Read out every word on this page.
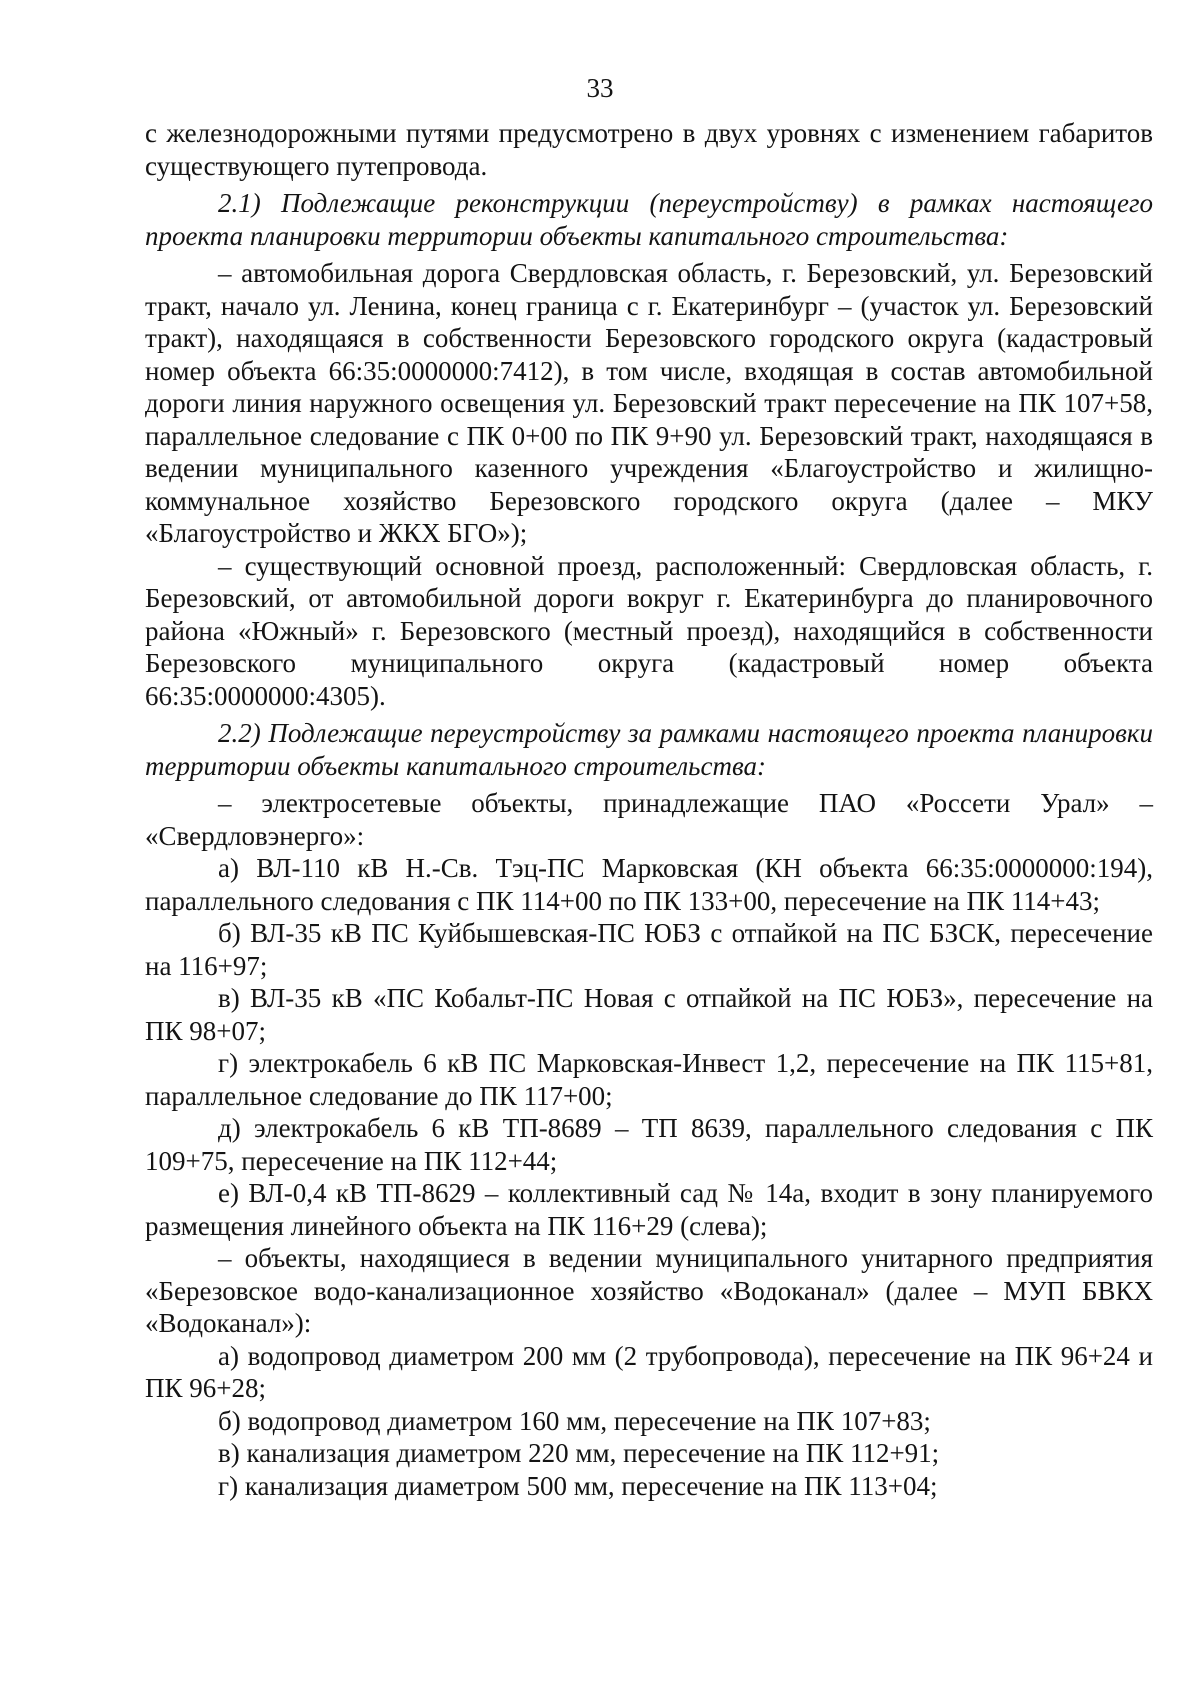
33

с железнодорожными путями предусмотрено в двух уровнях с изменением габаритов существующего путепровода.

2.1) Подлежащие реконструкции (переустройству) в рамках настоящего проекта планировки территории объекты капитального строительства:

– автомобильная дорога Свердловская область, г. Березовский, ул. Березовский тракт, начало ул. Ленина, конец граница с г. Екатеринбург – (участок ул. Березовский тракт), находящаяся в собственности Березовского городского округа (кадастровый номер объекта 66:35:0000000:7412), в том числе, входящая в состав автомобильной дороги линия наружного освещения ул. Березовский тракт пересечение на ПК 107+58, параллельное следование с ПК 0+00 по ПК 9+90 ул. Березовский тракт, находящаяся в ведении муниципального казенного учреждения «Благоустройство и жилищно-коммунальное хозяйство Березовского городского округа (далее – МКУ «Благоустройство и ЖКХ БГО»);

– существующий основной проезд, расположенный: Свердловская область, г. Березовский, от автомобильной дороги вокруг г. Екатеринбурга до планировочного района «Южный» г. Березовского (местный проезд), находящийся в собственности Березовского муниципального округа (кадастровый номер объекта 66:35:0000000:4305).

2.2) Подлежащие переустройству за рамками настоящего проекта планировки территории объекты капитального строительства:

– электросетевые объекты, принадлежащие ПАО «Россети Урал» – «Свердловэнерго»:

а) ВЛ-110 кВ Н.-Св. Тэц-ПС Марковская (КН объекта 66:35:0000000:194), параллельного следования с ПК 114+00 по ПК 133+00, пересечение на ПК 114+43;

б) ВЛ-35 кВ ПС Куйбышевская-ПС ЮБЗ с отпайкой на ПС БЗСК, пересечение на 116+97;

в) ВЛ-35 кВ «ПС Кобальт-ПС Новая с отпайкой на ПС ЮБЗ», пересечение на ПК 98+07;

г) электрокабель 6 кВ ПС Марковская-Инвест 1,2, пересечение на ПК 115+81, параллельное следование до ПК 117+00;

д) электрокабель 6 кВ ТП-8689 – ТП 8639, параллельного следования с ПК 109+75, пересечение на ПК 112+44;

е) ВЛ-0,4 кВ ТП-8629 – коллективный сад № 14а, входит в зону планируемого размещения линейного объекта на ПК 116+29 (слева);

– объекты, находящиеся в ведении муниципального унитарного предприятия «Березовское водо-канализационное хозяйство «Водоканал» (далее – МУП БВКХ «Водоканал»):

а) водопровод диаметром 200 мм (2 трубопровода), пересечение на ПК 96+24 и ПК 96+28;

б) водопровод диаметром 160 мм, пересечение на ПК 107+83;

в) канализация диаметром 220 мм, пересечение на ПК 112+91;

г) канализация диаметром 500 мм, пересечение на ПК 113+04;
